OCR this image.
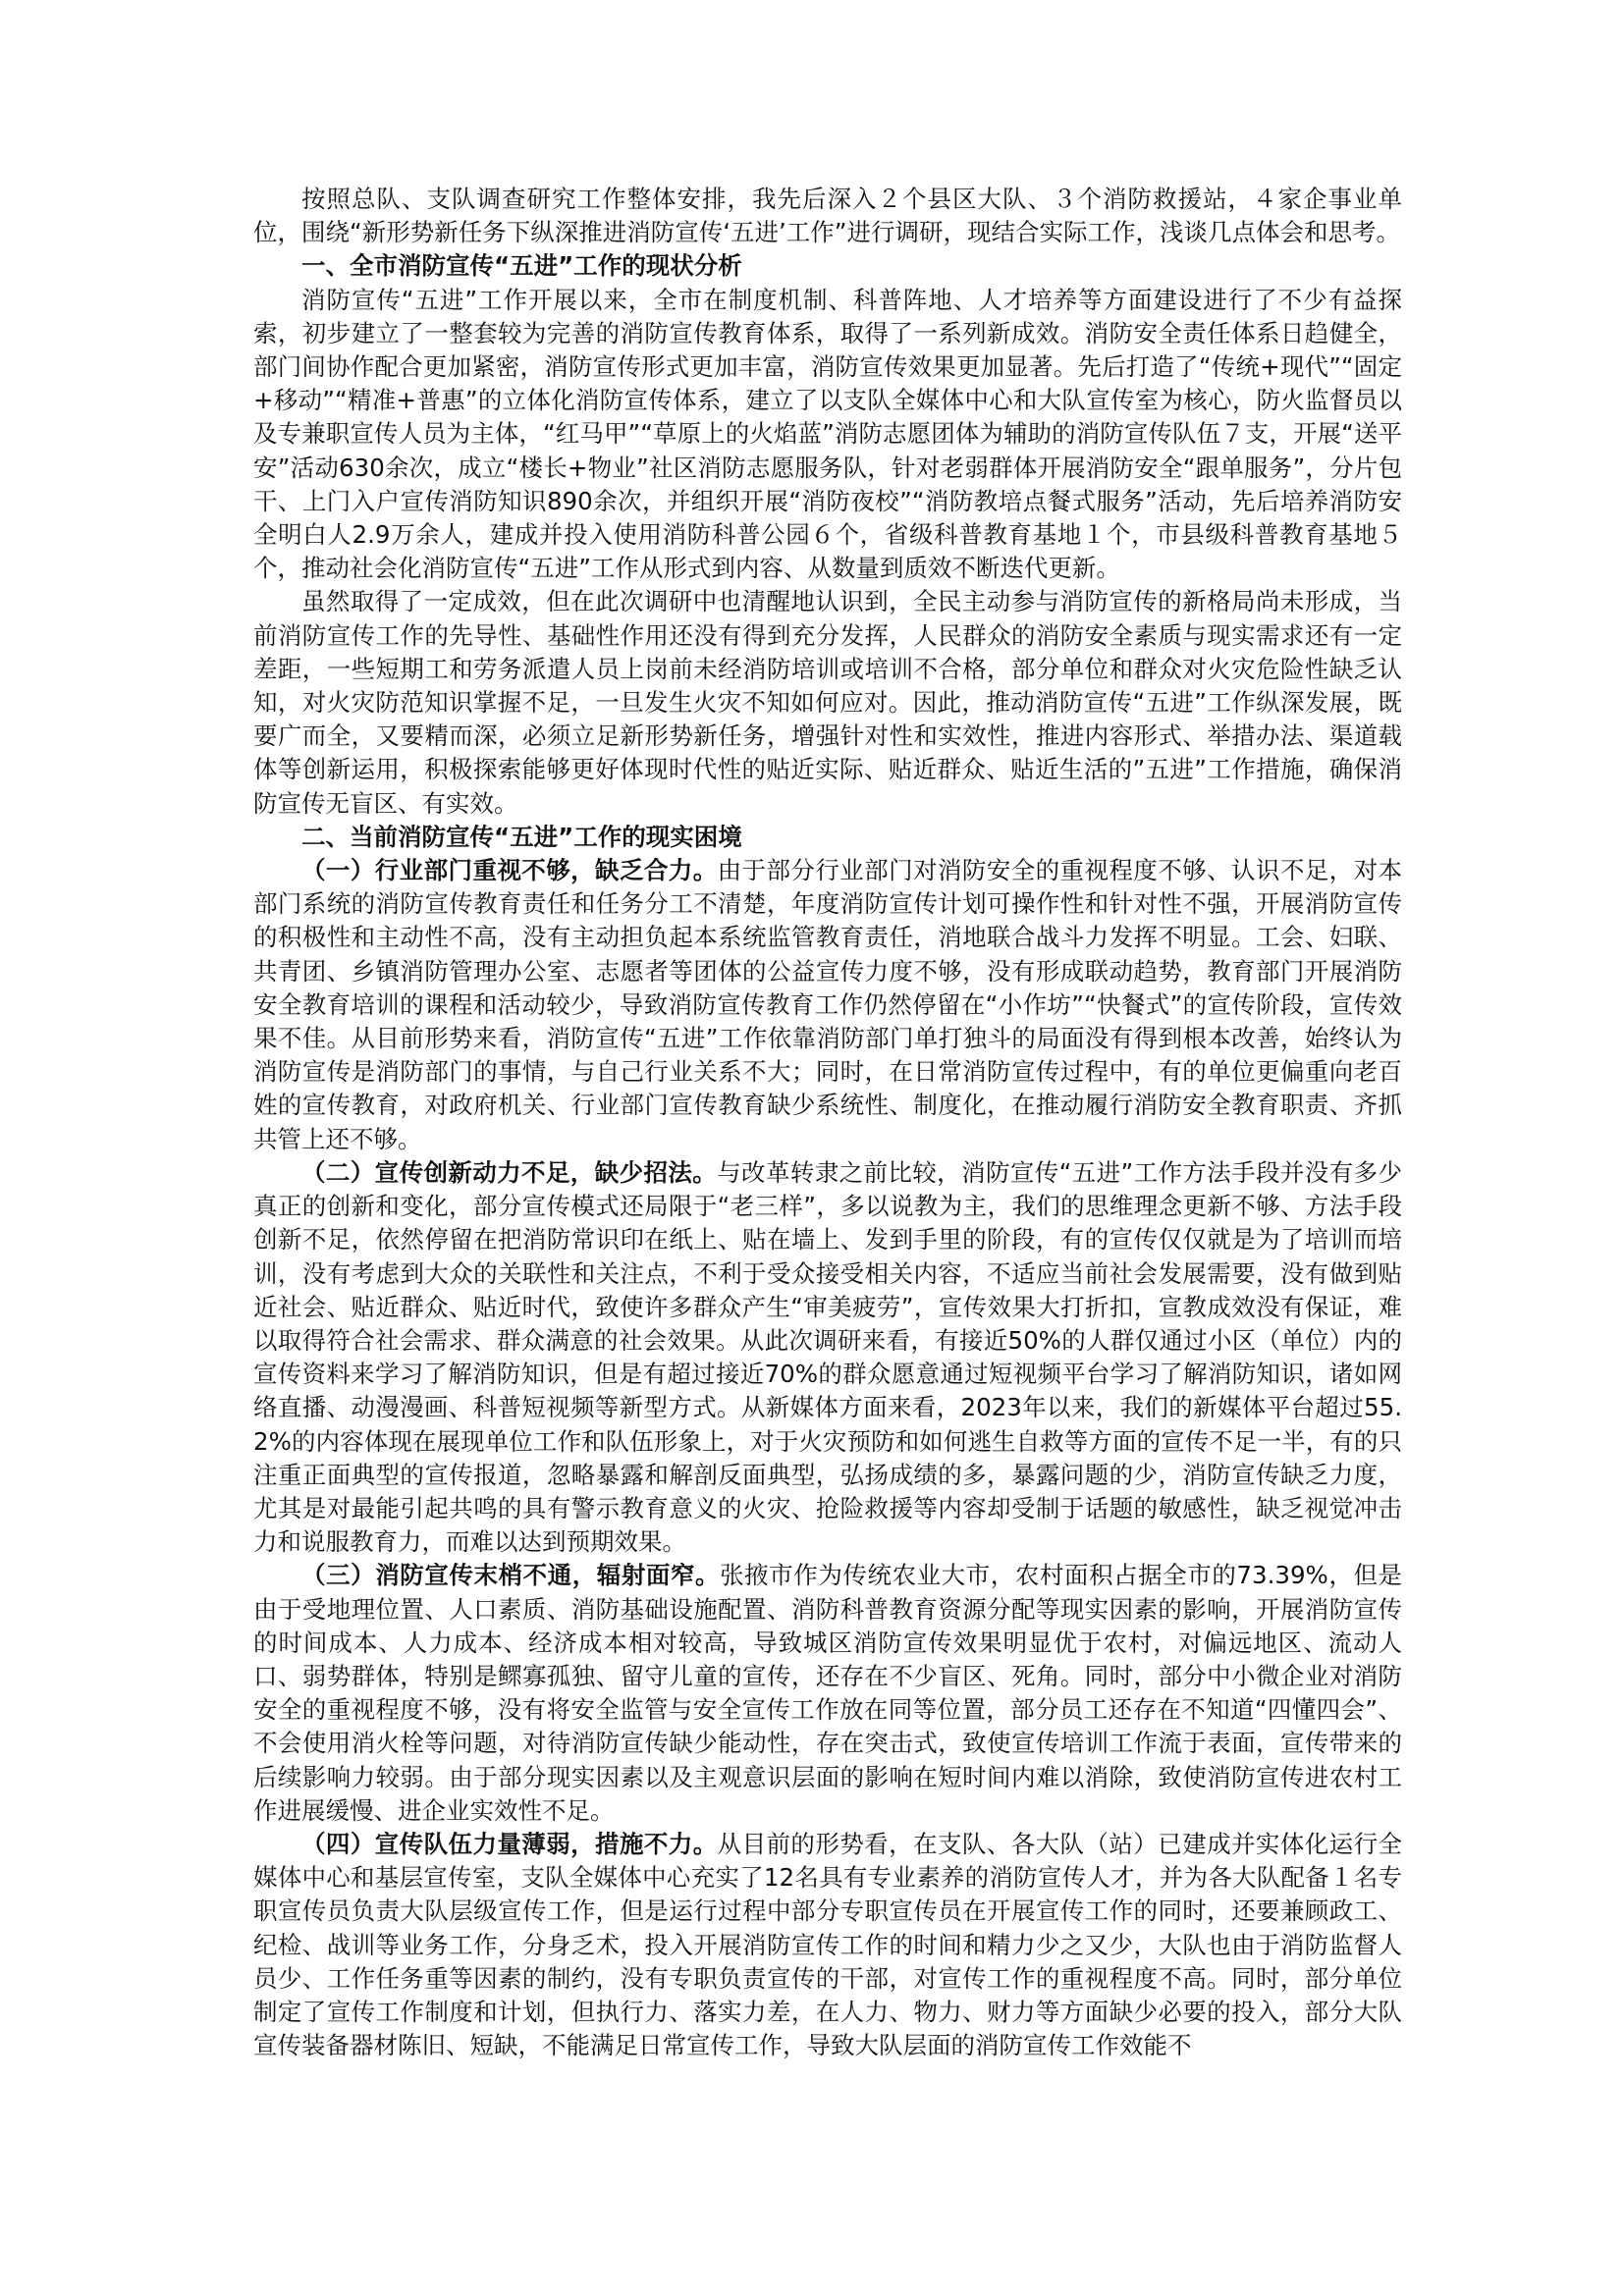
按照总队、支队调查研究工作整体安排，我先后深入２个县区大队、３个消防救援站，４家企事业单位，围绕“新形势新任务下纵深推进消防宣传‘五进’工作”进行调研，现结合实际工作，浅谈几点体会和思考。

一、全市消防宣传“五进”工作的现状分析

消防宣传“五进”工作开展以来，全市在制度机制、科普阵地、人才培养等方面建设进行了不少有益探索，初步建立了一整套较为完善的消防宣传教育体系，取得了一系列新成效。消防安全责任体系日趋健全，部门间协作配合更加紧密，消防宣传形式更加丰富，消防宣传效果更加显著。先后打造了“传统+现代”“固定+移动”“精准+普惠”的立体化消防宣传体系，建立了以支队全媒体中心和大队宣传室为核心，防火监督员以及专兼职宣传人员为主体，“红马甲”“草原上的火焰蓝”消防志愿团体为辅助的消防宣传队伍７支，开展“送平安”活动630余次，成立“楼长+物业”社区消防志愿服务队，针对老弱群体开展消防安全“跟单服务”，分片包干、上门入户宣传消防知识890余次，并组织开展“消防夜校”“消防教培点餐式服务”活动，先后培养消防安全明白人2.9万余人，建成并投入使用消防科普公园６个，省级科普教育基地１个，市县级科普教育基地５个，推动社会化消防宣传“五进”工作从形式到内容、从数量到质效不断迭代更新。

虽然取得了一定成效，但在此次调研中也清醒地认识到，全民主动参与消防宣传的新格局尚未形成，当前消防宣传工作的先导性、基础性作用还没有得到充分发挥，人民群众的消防安全素质与现实需求还有一定差距，一些短期工和劳务派遣人员上岗前未经消防培训或培训不合格，部分单位和群众对火灾危险性缺乏认知，对火灾防范知识掌握不足，一旦发生火灾不知如何应对。因此，推动消防宣传“五进”工作纵深发展，既要广而全，又要精而深，必须立足新形势新任务，增强针对性和实效性，推进内容形式、举措办法、渠道载体等创新运用，积极探索能够更好体现时代性的贴近实际、贴近群众、贴近生活的”五进”工作措施，确保消防宣传无盲区、有实效。

二、当前消防宣传“五进”工作的现实困境

（一）行业部门重视不够，缺乏合力。由于部分行业部门对消防安全的重视程度不够、认识不足，对本部门系统的消防宣传教育责任和任务分工不清楚，年度消防宣传计划可操作性和针对性不强，开展消防宣传的积极性和主动性不高，没有主动担负起本系统监管教育责任，消地联合战斗力发挥不明显。工会、妇联、共青团、乡镇消防管理办公室、志愿者等团体的公益宣传力度不够，没有形成联动趋势，教育部门开展消防安全教育培训的课程和活动较少，导致消防宣传教育工作仍然停留在“小作坊”“快餐式”的宣传阶段，宣传效果不佳。从目前形势来看，消防宣传“五进”工作依靠消防部门单打独斗的局面没有得到根本改善，始终认为消防宣传是消防部门的事情，与自己行业关系不大；同时，在日常消防宣传过程中，有的单位更偏重向老百姓的宣传教育，对政府机关、行业部门宣传教育缺少系统性、制度化，在推动履行消防安全教育职责、齐抓共管上还不够。

（二）宣传创新动力不足，缺少招法。与改革转隶之前比较，消防宣传“五进”工作方法手段并没有多少真正的创新和变化，部分宣传模式还局限于“老三样”，多以说教为主，我们的思维理念更新不够、方法手段创新不足，依然停留在把消防常识印在纸上、贴在墙上、发到手里的阶段，有的宣传仅仅就是为了培训而培训，没有考虑到大众的关联性和关注点，不利于受众接受相关内容，不适应当前社会发展需要，没有做到贴近社会、贴近群众、贴近时代，致使许多群众产生“审美疲劳”，宣传效果大打折扣，宣教成效没有保证，难以取得符合社会需求、群众满意的社会效果。从此次调研来看，有接近50%的人群仅通过小区（单位）内的宣传资料来学习了解消防知识，但是有超过接近70%的群众愿意通过短视频平台学习了解消防知识，诸如网络直播、动漫漫画、科普短视频等新型方式。从新媒体方面来看，2023年以来，我们的新媒体平台超过55.2%的内容体现在展现单位工作和队伍形象上，对于火灾预防和如何逃生自救等方面的宣传不足一半，有的只注重正面典型的宣传报道，忽略暴露和解剖反面典型，弘扬成绩的多，暴露问题的少，消防宣传缺乏力度，尤其是对最能引起共鸣的具有警示教育意义的火灾、抢险救援等内容却受制于话题的敏感性，缺乏视觉冲击力和说服教育力，而难以达到预期效果。

（三）消防宣传末梢不通，辐射面窄。张掖市作为传统农业大市，农村面积占据全市的73.39%，但是由于受地理位置、人口素质、消防基础设施配置、消防科普教育资源分配等现实因素的影响，开展消防宣传的时间成本、人力成本、经济成本相对较高，导致城区消防宣传效果明显优于农村，对偏远地区、流动人口、弱势群体，特别是鳏寡孤独、留守儿童的宣传，还存在不少盲区、死角。同时，部分中小微企业对消防安全的重视程度不够，没有将安全监管与安全宣传工作放在同等位置，部分员工还存在不知道“四懂四会”、不会使用消火栓等问题，对待消防宣传缺少能动性，存在突击式，致使宣传培训工作流于表面，宣传带来的后续影响力较弱。由于部分现实因素以及主观意识层面的影响在短时间内难以消除，致使消防宣传进农村工作进展缓慢、进企业实效性不足。

（四）宣传队伍力量薄弱，措施不力。从目前的形势看，在支队、各大队（站）已建成并实体化运行全媒体中心和基层宣传室，支队全媒体中心充实了12名具有专业素养的消防宣传人才，并为各大队配备１名专职宣传员负责大队层级宣传工作，但是运行过程中部分专职宣传员在开展宣传工作的同时，还要兼顾政工、纪检、战训等业务工作，分身乏术，投入开展消防宣传工作的时间和精力少之又少，大队也由于消防监督人员少、工作任务重等因素的制约，没有专职负责宣传的干部，对宣传工作的重视程度不高。同时，部分单位制定了宣传工作制度和计划，但执行力、落实力差，在人力、物力、财力等方面缺少必要的投入，部分大队宣传装备器材陈旧、短缺，不能满足日常宣传工作，导致大队层面的消防宣传工作效能不
